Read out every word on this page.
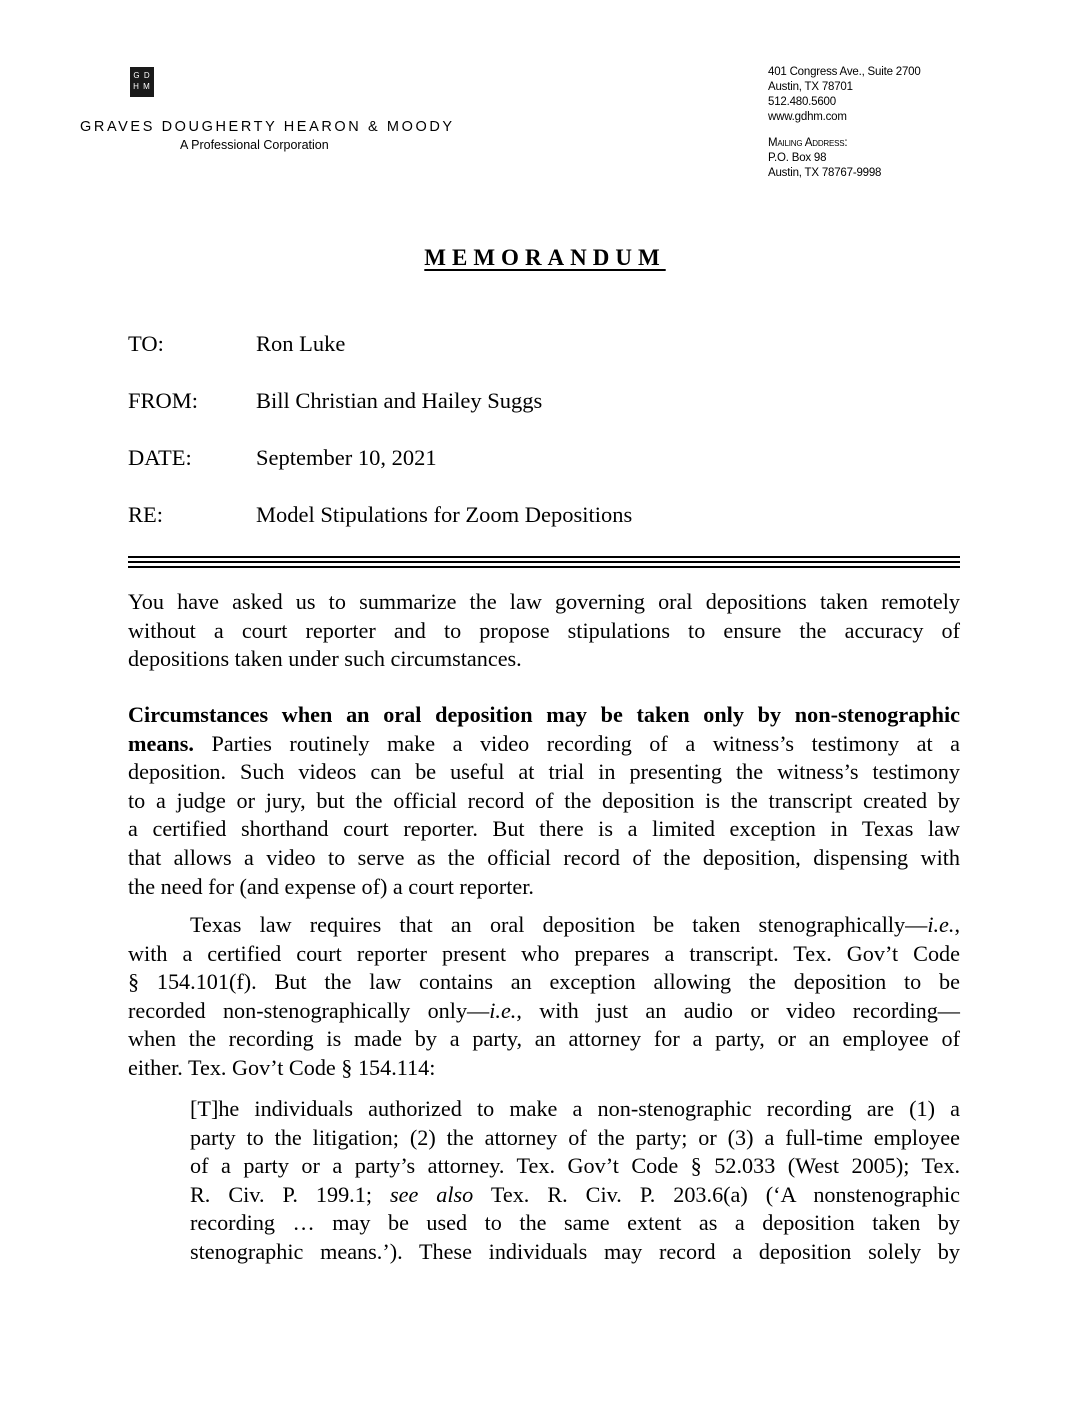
G D
H M
GRAVES DOUGHERTY HEARON & MOODY
A Professional Corporation
401 Congress Ave., Suite 2700
Austin, TX 78701
512.480.5600
www.gdhm.com
Mailing Address:
P.O. Box 98
Austin, TX 78767-9998
MEMORANDUM
TO:	Ron Luke
FROM:	Bill Christian and Hailey Suggs
DATE:	September 10, 2021
RE:	Model Stipulations for Zoom Depositions
You have asked us to summarize the law governing oral depositions taken remotely
without a court reporter and to propose stipulations to ensure the accuracy of
depositions taken under such circumstances.
Circumstances when an oral deposition may be taken only by non-stenographic
means. Parties routinely make a video recording of a witness’s testimony at a
deposition. Such videos can be useful at trial in presenting the witness’s testimony
to a judge or jury, but the official record of the deposition is the transcript created by
a certified shorthand court reporter. But there is a limited exception in Texas law
that allows a video to serve as the official record of the deposition, dispensing with
the need for (and expense of) a court reporter.
Texas law requires that an oral deposition be taken stenographically—i.e.,
with a certified court reporter present who prepares a transcript. Tex. Gov’t Code
§ 154.101(f). But the law contains an exception allowing the deposition to be
recorded non-stenographically only—i.e., with just an audio or video recording—
when the recording is made by a party, an attorney for a party, or an employee of
either. Tex. Gov’t Code § 154.114:
[T]he individuals authorized to make a non-stenographic recording are (1) a
party to the litigation; (2) the attorney of the party; or (3) a full-time employee
of a party or a party’s attorney. Tex. Gov’t Code § 52.033 (West 2005); Tex.
R. Civ. P. 199.1; see also Tex. R. Civ. P. 203.6(a) (‘A nonstenographic
recording … may be used to the same extent as a deposition taken by
stenographic means.’). These individuals may record a deposition solely by
